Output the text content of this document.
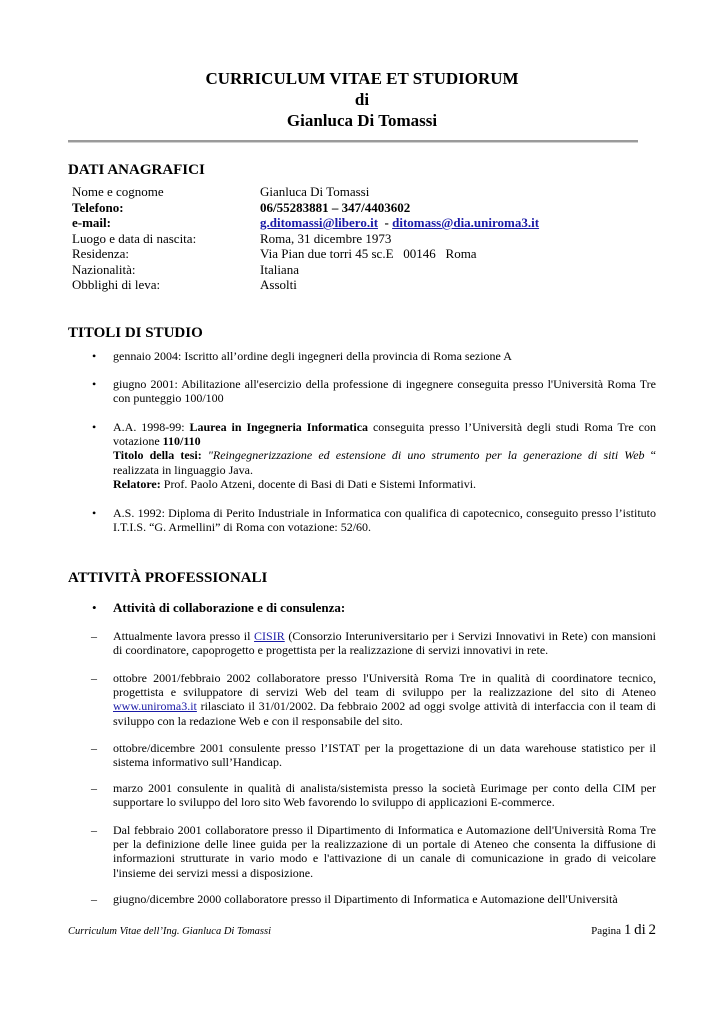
CURRICULUM VITAE ET STUDIORUM
di
Gianluca Di Tomassi
DATI ANAGRAFICI
Nome e cognome	Gianluca Di Tomassi
Telefono:	06/55283881 – 347/4403602
e-mail:	g.ditomassi@libero.it  - ditomass@dia.uniroma3.it
Luogo e data di nascita:	Roma, 31 dicembre 1973
Residenza:	Via Pian due torri 45 sc.E   00146   Roma
Nazionalità:	Italiana
Obblighi di leva:	Assolti
TITOLI DI STUDIO
• gennaio 2004: Iscritto all’ordine degli ingegneri della provincia di Roma sezione A
• giugno 2001: Abilitazione all'esercizio della professione di ingegnere conseguita presso l'Università Roma Tre con punteggio 100/100
• A.A. 1998-99: Laurea in Ingegneria Informatica conseguita presso l’Università degli studi Roma Tre con votazione 110/110
Titolo della tesi: "Reingegnerizzazione ed estensione di uno strumento per la generazione di siti Web “ realizzata in linguaggio Java.
Relatore: Prof. Paolo Atzeni, docente di Basi di Dati e Sistemi Informativi.
• A.S. 1992: Diploma di Perito Industriale in Informatica con qualifica di capotecnico, conseguito presso l’istituto I.T.I.S. “G. Armellini” di Roma con votazione: 52/60.
ATTIVITÀ PROFESSIONALI
• Attività di collaborazione e di consulenza:
– Attualmente lavora presso il CISIR (Consorzio Interuniversitario per i Servizi Innovativi in Rete) con mansioni di coordinatore, capoprogetto e progettista per la realizzazione di servizi innovativi in rete.
– ottobre 2001/febbraio 2002 collaboratore presso l'Università Roma Tre in qualità di coordinatore tecnico, progettista e sviluppatore di servizi Web del team di sviluppo per la realizzazione del sito di Ateneo www.uniroma3.it rilasciato il 31/01/2002. Da febbraio 2002 ad oggi svolge attività di interfaccia con il team di sviluppo con la redazione Web e con il responsabile del sito.
– ottobre/dicembre 2001 consulente presso l’ISTAT per la progettazione di un data warehouse statistico per il sistema informativo sull’Handicap.
– marzo 2001 consulente in qualità di analista/sistemista presso la società Eurimage per conto della CIM per supportare lo sviluppo del loro sito Web favorendo lo sviluppo di applicazioni E-commerce.
– Dal febbraio 2001 collaboratore presso il Dipartimento di Informatica e Automazione dell'Università Roma Tre per la definizione delle linee guida per la realizzazione di un portale di Ateneo che consenta la diffusione di informazioni strutturate in vario modo e l'attivazione di un canale di comunicazione in grado di veicolare l'insieme dei servizi messi a disposizione.
– giugno/dicembre 2000 collaboratore presso il Dipartimento di Informatica e Automazione dell'Università
Curriculum Vitae dell’Ing. Gianluca Di Tomassi	Pagina 1 di 2
